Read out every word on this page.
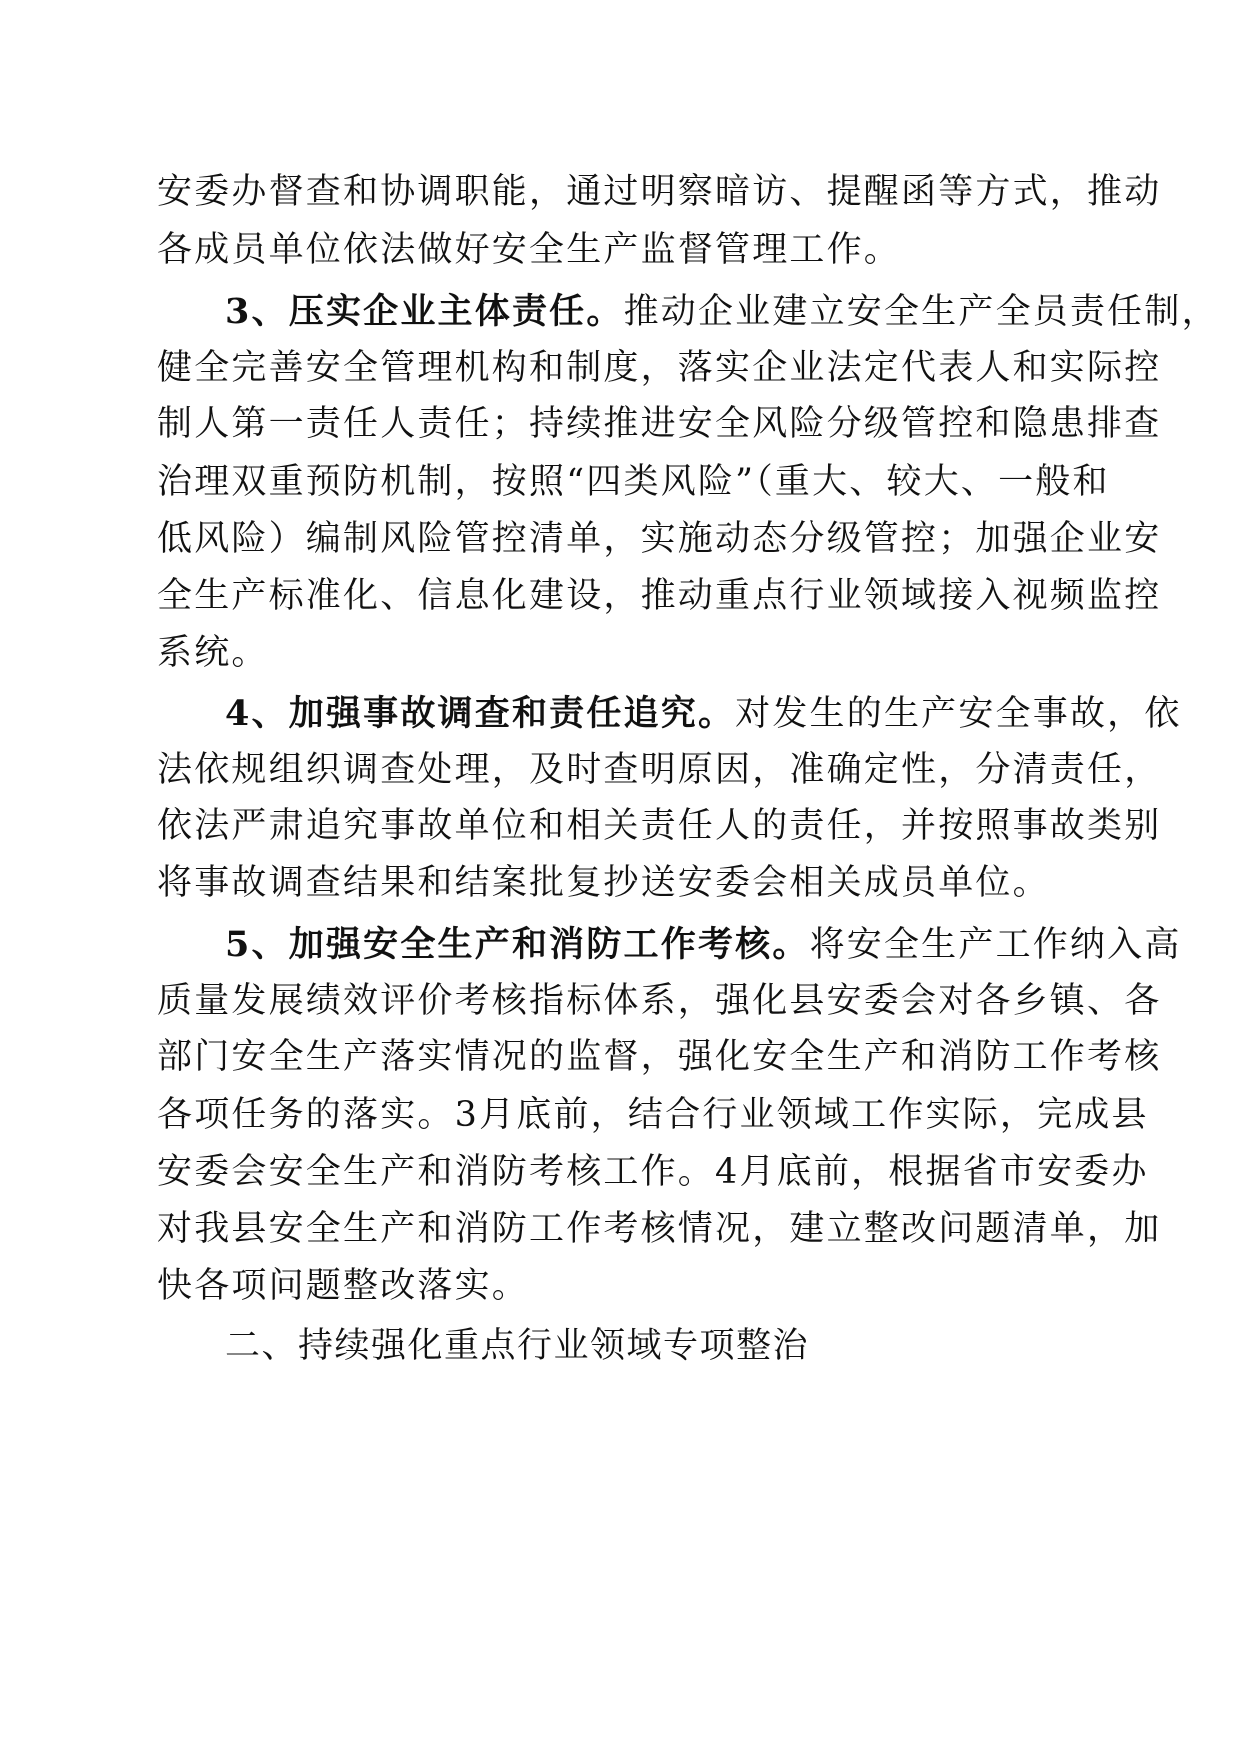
安委办督查和协调职能，通过明察暗访、提醒函等方式，推动
各成员单位依法做好安全生产监督管理工作。
3、压实企业主体责任。推动企业建立安全生产全员责任制，
健全完善安全管理机构和制度，落实企业法定代表人和实际控
制人第一责任人责任；持续推进安全风险分级管控和隐患排查
治理双重预防机制，按照“四类风险”（重大、较大、一般和
低风险）编制风险管控清单，实施动态分级管控；加强企业安
全生产标准化、信息化建设，推动重点行业领域接入视频监控
系统。
4、加强事故调查和责任追究。对发生的生产安全事故，依
法依规组织调查处理，及时查明原因，准确定性，分清责任，
依法严肃追究事故单位和相关责任人的责任，并按照事故类别
将事故调查结果和结案批复抄送安委会相关成员单位。
5、加强安全生产和消防工作考核。将安全生产工作纳入高
质量发展绩效评价考核指标体系，强化县安委会对各乡镇、各
部门安全生产落实情况的监督，强化安全生产和消防工作考核
各项任务的落实。3月底前，结合行业领域工作实际，完成县
安委会安全生产和消防考核工作。4月底前，根据省市安委办
对我县安全生产和消防工作考核情况，建立整改问题清单，加
快各项问题整改落实。
二、持续强化重点行业领域专项整治
